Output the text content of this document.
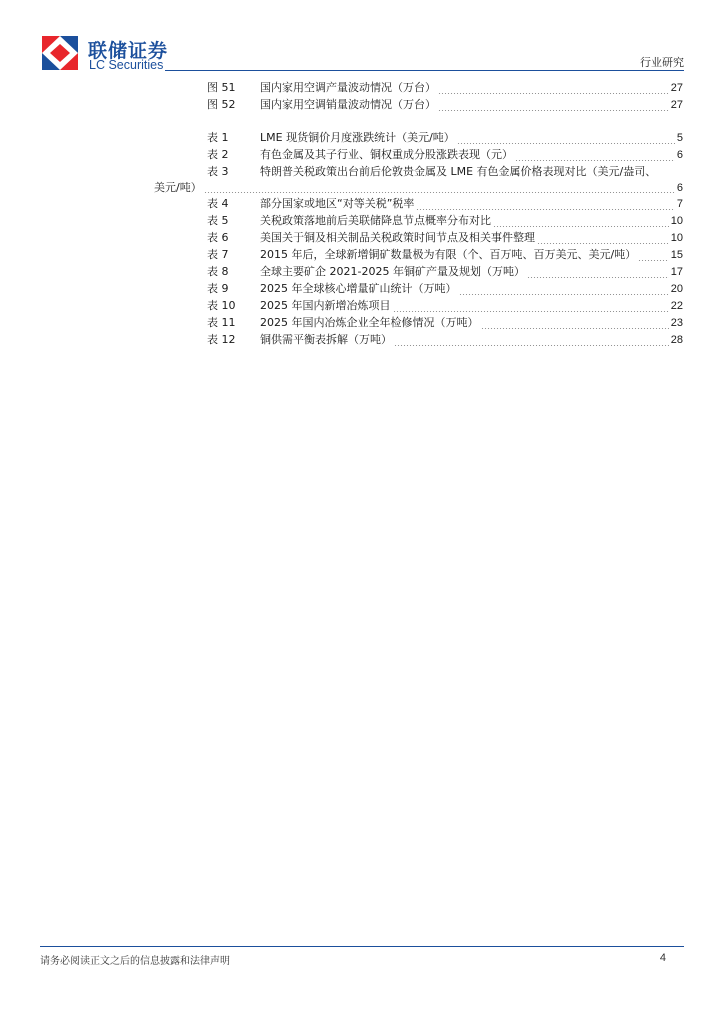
联储证券
LC Securities	行业研究
图 51	国内家用空调产量波动情况（万台）	27
图 52	国内家用空调销量波动情况（万台）	27
表 1	LME 现货铜价月度涨跌统计（美元/吨）	5
表 2	有色金属及其子行业、铜权重成分股涨跌表现（元）	6
表 3	特朗普关税政策出台前后伦敦贵金属及 LME 有色金属价格表现对比（美元/盎司、
美元/吨）	6
表 4	部分国家或地区“对等关税”税率	7
表 5	关税政策落地前后美联储降息节点概率分布对比	10
表 6	美国关于铜及相关制品关税政策时间节点及相关事件整理	10
表 7	2015 年后，全球新增铜矿数量极为有限（个、百万吨、百万美元、美元/吨）	15
表 8	全球主要矿企 2021-2025 年铜矿产量及规划（万吨）	17
表 9	2025 年全球核心增量矿山统计（万吨）	20
表 10	2025 年国内新增冶炼项目	22
表 11	2025 年国内冶炼企业全年检修情况（万吨）	23
表 12	铜供需平衡表拆解（万吨）	28
请务必阅读正文之后的信息披露和法律声明	4
